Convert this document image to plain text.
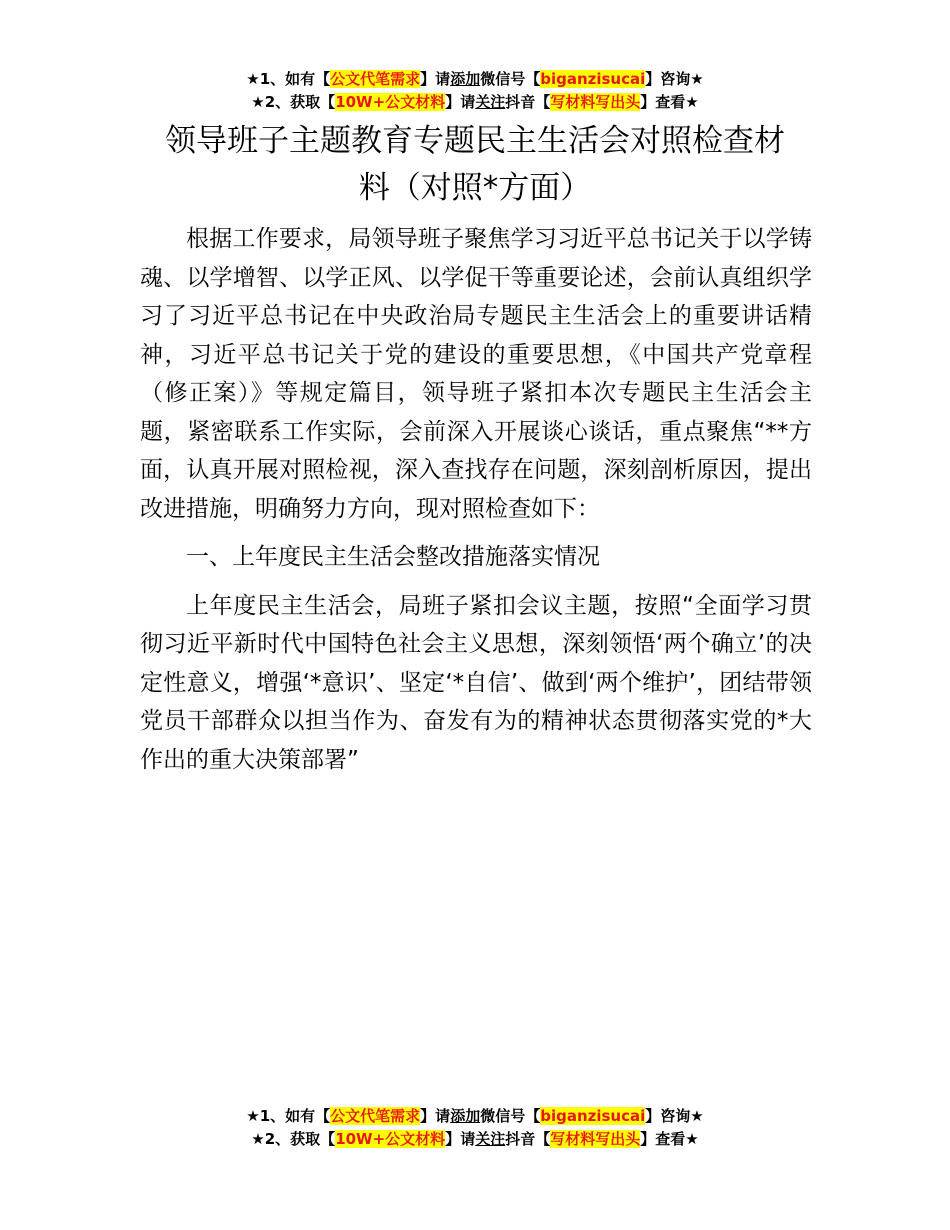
★1、如有【公文代笔需求】请添加微信号【biganzisucai】咨询★
★2、获取【10W+公文材料】请关注抖音【写材料写出头】查看★
领导班子主题教育专题民主生活会对照检查材
料（对照*方面）

根据工作要求，局领导班子聚焦学习习近平总书记关于以学铸魂、以学增智、以学正风、以学促干等重要论述，会前认真组织学习了习近平总书记在中央政治局专题民主生活会上的重要讲话精神，习近平总书记关于党的建设的重要思想，《中国共产党章程（修正案）》等规定篇目，领导班子紧扣本次专题民主生活会主题，紧密联系工作实际，会前深入开展谈心谈话，重点聚焦“**方面，认真开展对照检视，深入查找存在问题，深刻剖析原因，提出改进措施，明确努力方向，现对照检查如下：

一、上年度民主生活会整改措施落实情况

上年度民主生活会，局班子紧扣会议主题，按照“全面学习贯彻习近平新时代中国特色社会主义思想，深刻领悟‘两个确立’的决定性意义，增强‘*意识’、坚定‘*自信’、做到‘两个维护’，团结带领党员干部群众以担当作为、奋发有为的精神状态贯彻落实党的*大作出的重大决策部署”

★1、如有【公文代笔需求】请添加微信号【biganzisucai】咨询★
★2、获取【10W+公文材料】请关注抖音【写材料写出头】查看★
